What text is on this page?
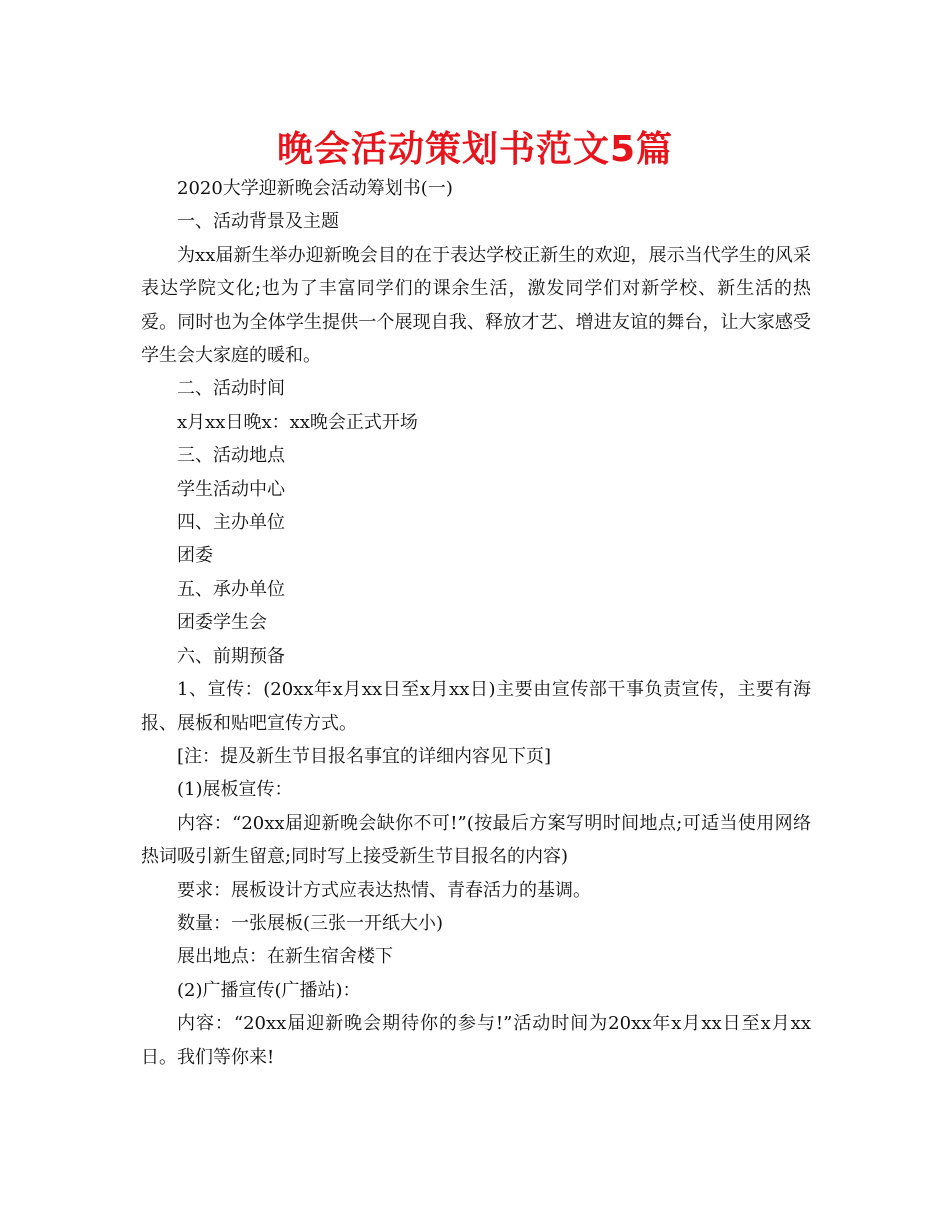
晚会活动策划书范文5篇

2020大学迎新晚会活动筹划书(一)

一、活动背景及主题

为xx届新生举办迎新晚会目的在于表达学校正新生的欢迎，展示当代学生的风采表达学院文化;也为了丰富同学们的课余生活，激发同学们对新学校、新生活的热爱。同时也为全体学生提供一个展现自我、释放才艺、增进友谊的舞台，让大家感受学生会大家庭的暖和。

二、活动时间

x月xx日晚x：xx晚会正式开场

三、活动地点

学生活动中心

四、主办单位

团委

五、承办单位

团委学生会

六、前期预备

1、宣传：(20xx年x月xx日至x月xx日)主要由宣传部干事负责宣传，主要有海报、展板和贴吧宣传方式。

[注：提及新生节目报名事宜的详细内容见下页]

(1)展板宣传：

内容：“20xx届迎新晚会缺你不可!”(按最后方案写明时间地点;可适当使用网络热词吸引新生留意;同时写上接受新生节目报名的内容)

要求：展板设计方式应表达热情、青春活力的基调。

数量：一张展板(三张一开纸大小)

展出地点：在新生宿舍楼下

(2)广播宣传(广播站)：

内容：“20xx届迎新晚会期待你的参与!”活动时间为20xx年x月xx日至x月xx日。我们等你来!
